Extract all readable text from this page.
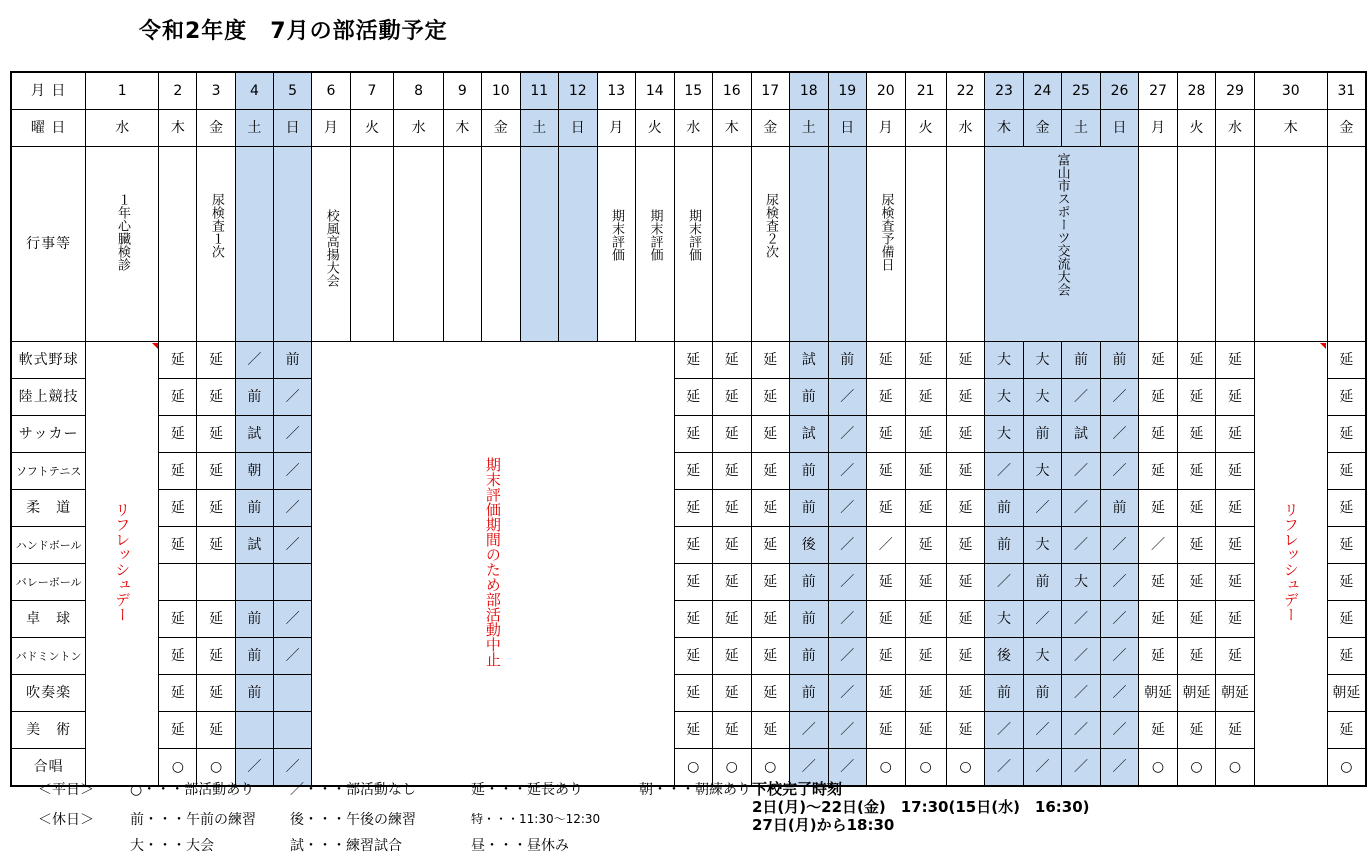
令和2年度　7月の部活動予定
月 日	1	2	3	4	5	6	7	8	9	10	11	12	13	14	15	16	17	18	19	20	21	22	23	24	25	26	27	28	29	30	31
曜 日	水	木	金	土	日	月	火	水	木	金	土	日	月	火	水	木	金	土	日	月	火	水	木	金	土	日	月	火	水	木	金
行事等	１年心臓検診		尿検査１次			校風高揚大会							期末評価	期末評価	期末評価		尿検査２次			尿検査予備日			富山市スポーツ交流大会								
軟式野球	リフレッシュデー	延	延	／	前	期末評価期間のため部活動中止									延	延	延	試	前	延	延	延	大	大	前	前	延	延	延	リフレッシュデー	延
陸上競技		延	延	前	／										延	延	延	前	／	延	延	延	大	大	／	／	延	延	延		延
サッカー		延	延	試	／										延	延	延	試	／	延	延	延	大	前	試	／	延	延	延		延
ソフトテニス		延	延	朝	／										延	延	延	前	／	延	延	延	／	大	／	／	延	延	延		延
柔　道		延	延	前	／										延	延	延	前	／	延	延	延	前	／	／	前	延	延	延		延
ハンドボール		延	延	試	／										延	延	延	後	／	／	延	延	前	大	／	／	／	延	延		延
バレーボール															延	延	延	前	／	延	延	延	／	前	大	／	延	延	延		延
卓　球		延	延	前	／										延	延	延	前	／	延	延	延	大	／	／	／	延	延	延		延
バドミントン		延	延	前	／										延	延	延	前	／	延	延	延	後	大	／	／	延	延	延		延
吹奏楽		延	延	前											延	延	延	前	／	延	延	延	前	前	／	／	朝延	朝延	朝延		朝延
美　術		延	延												延	延	延	／	／	延	延	延	／	／	／	／	延	延	延		延
合唱		○	○	／	／										○	○	○	／	／	○	○	○	／	／	／	／	○	○	○		○
＜平日＞	○・・・部活動あり	／・・・部活動なし	延・・・延長あり	朝・・・朝練あり
＜休日＞	前・・・午前の練習 後・・・午後の練習	特・・・11:30～12:30
大・・・大会	試・・・練習試合	昼・・・昼休み
下校完了時刻
2日(月)～22日(金)　17:30(15日(水)　16:30)
27日(月)から18:30
